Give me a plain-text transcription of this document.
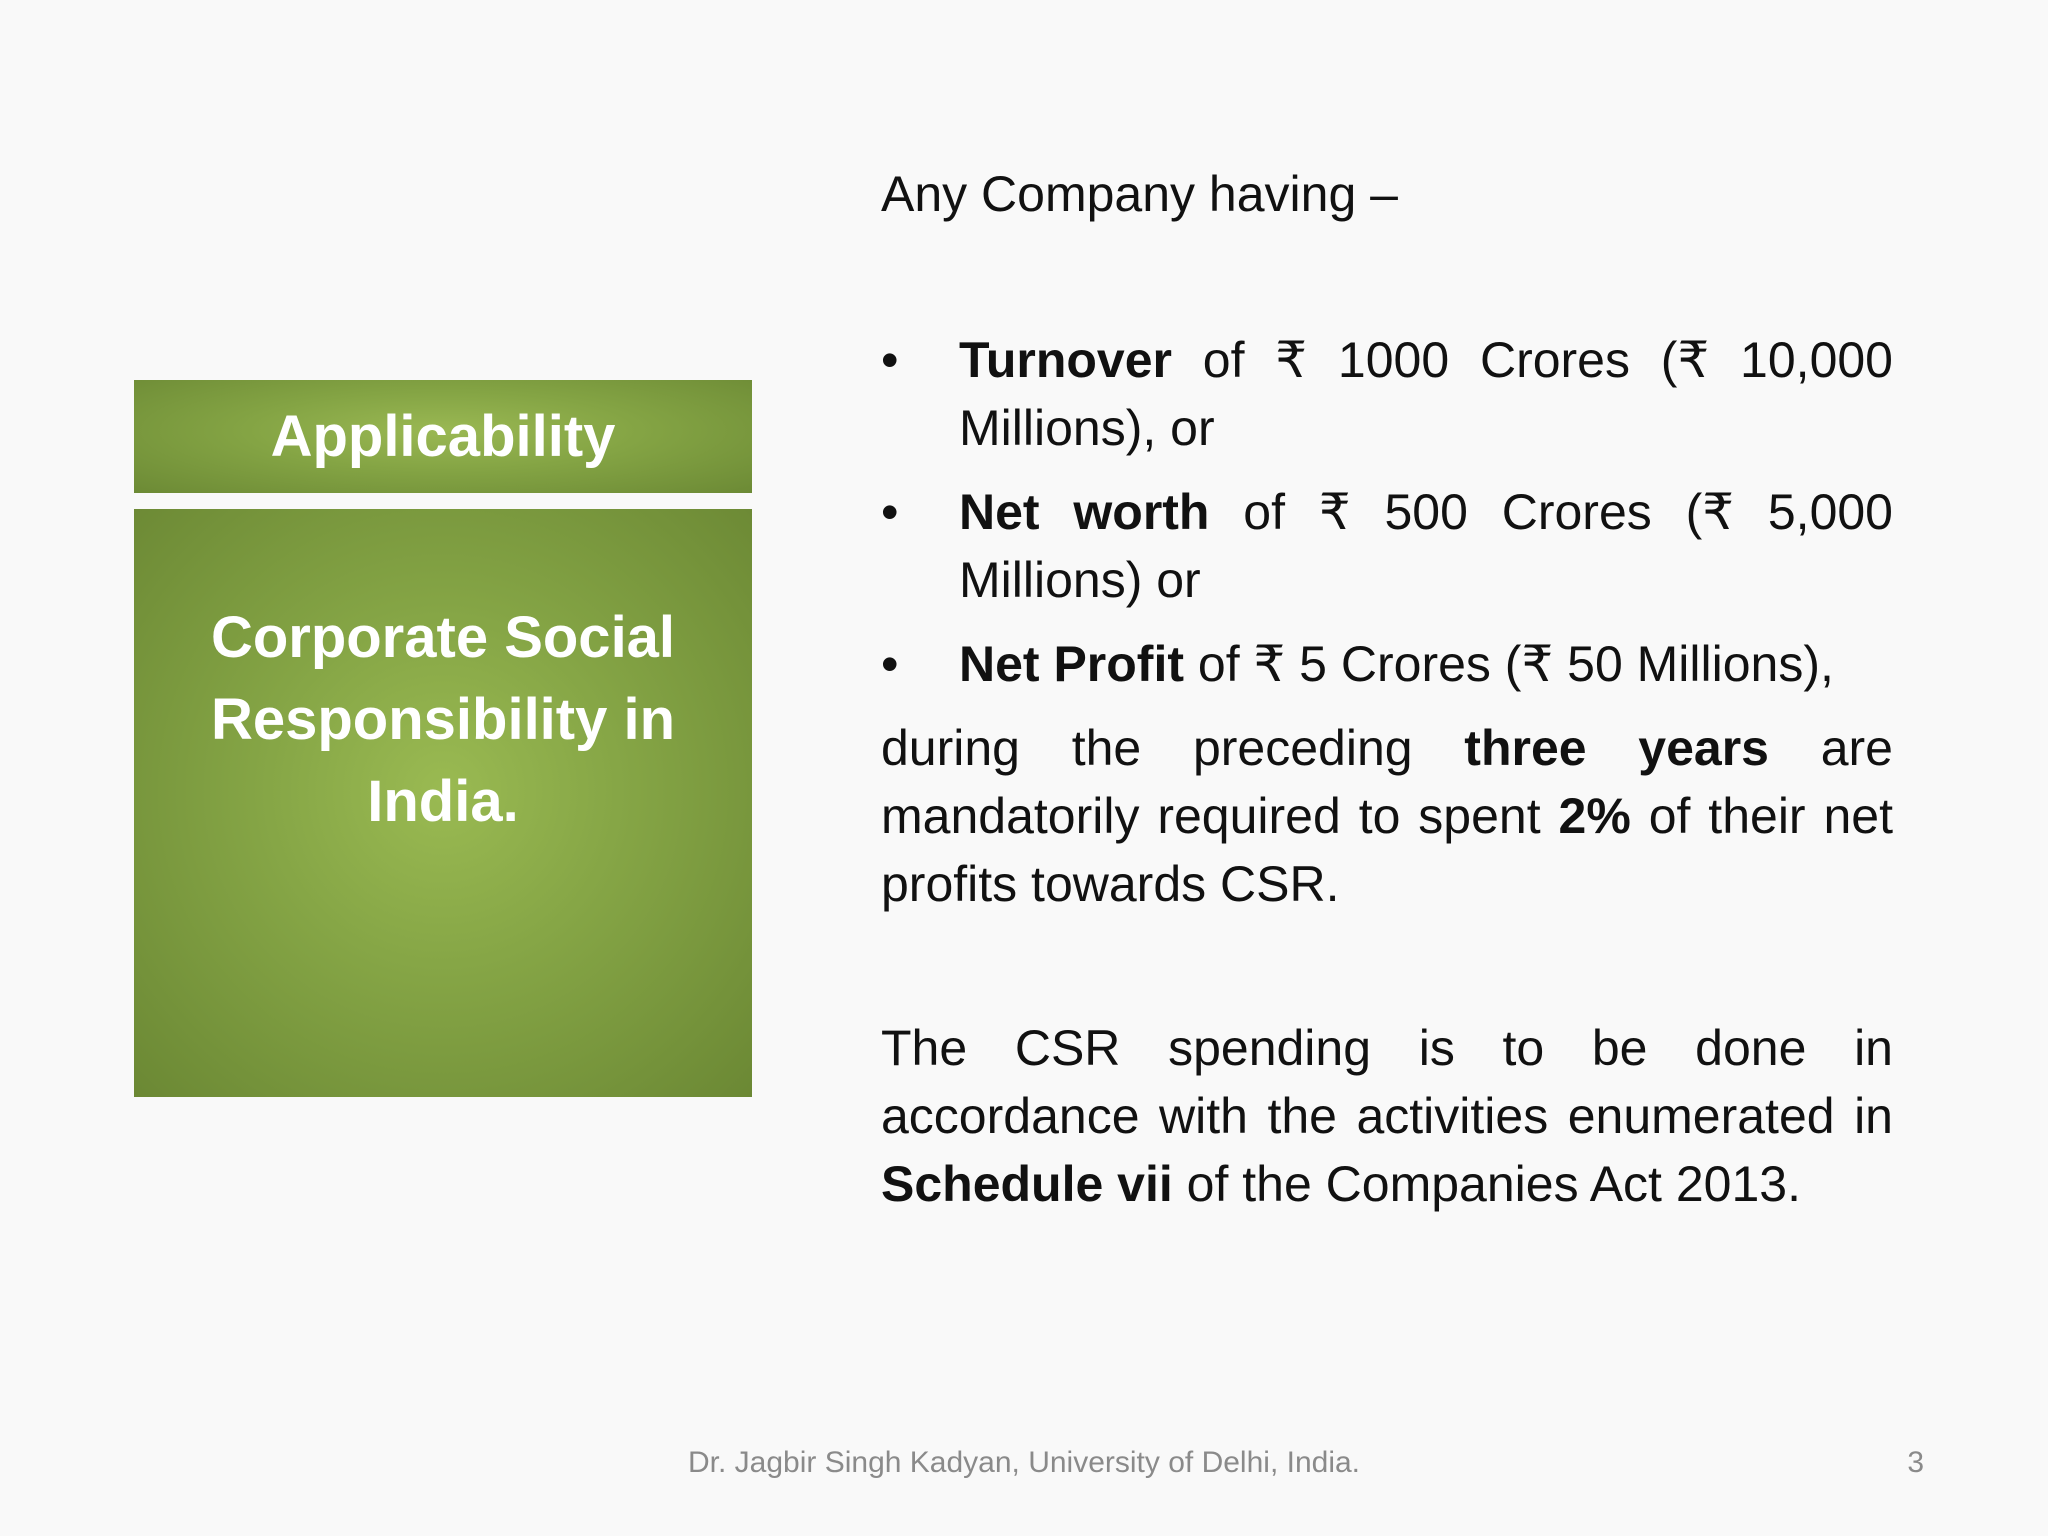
Applicability
Corporate Social Responsibility in India.

Any Company having –

• Turnover of ₹ 1000 Crores (₹ 10,000 Millions), or
• Net worth of ₹ 500 Crores (₹ 5,000 Millions) or
• Net Profit of ₹ 5 Crores (₹ 50 Millions),

during the preceding three years are mandatorily required to spent 2% of their net profits towards CSR.

The CSR spending is to be done in accordance with the activities enumerated in Schedule vii of the Companies Act 2013.

Dr. Jagbir Singh Kadyan, University of Delhi, India.	3
